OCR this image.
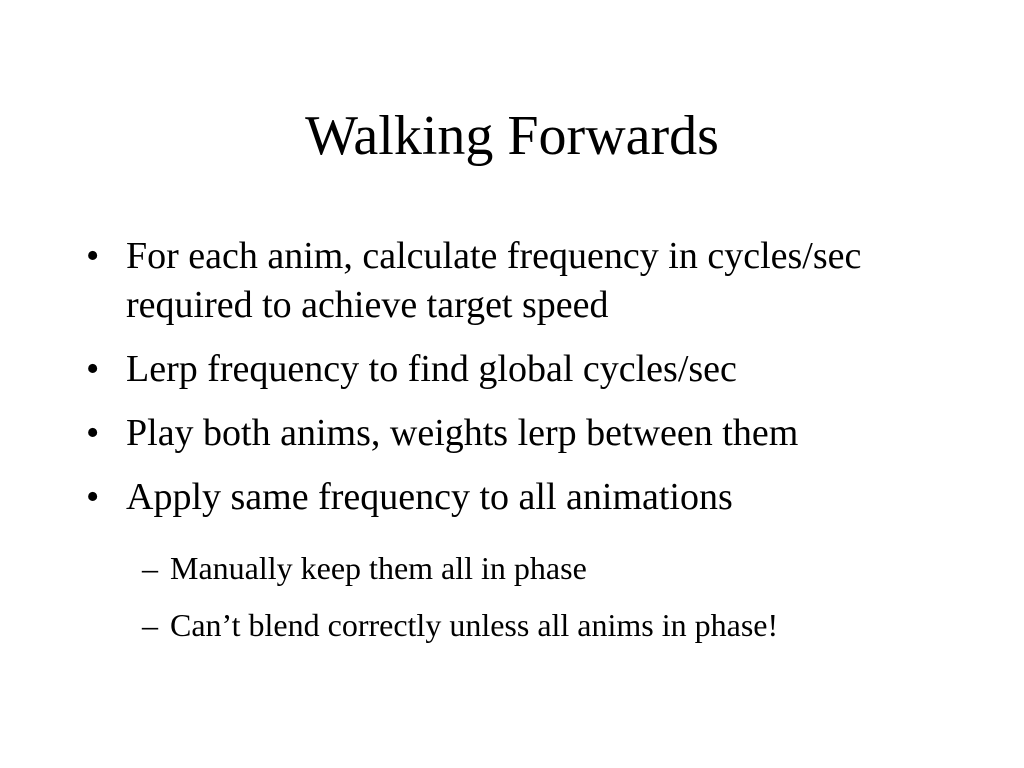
Walking Forwards
• For each anim, calculate frequency in cycles/sec required to achieve target speed
• Lerp frequency to find global cycles/sec
• Play both anims, weights lerp between them
• Apply same frequency to all animations
– Manually keep them all in phase
– Can’t blend correctly unless all anims in phase!
